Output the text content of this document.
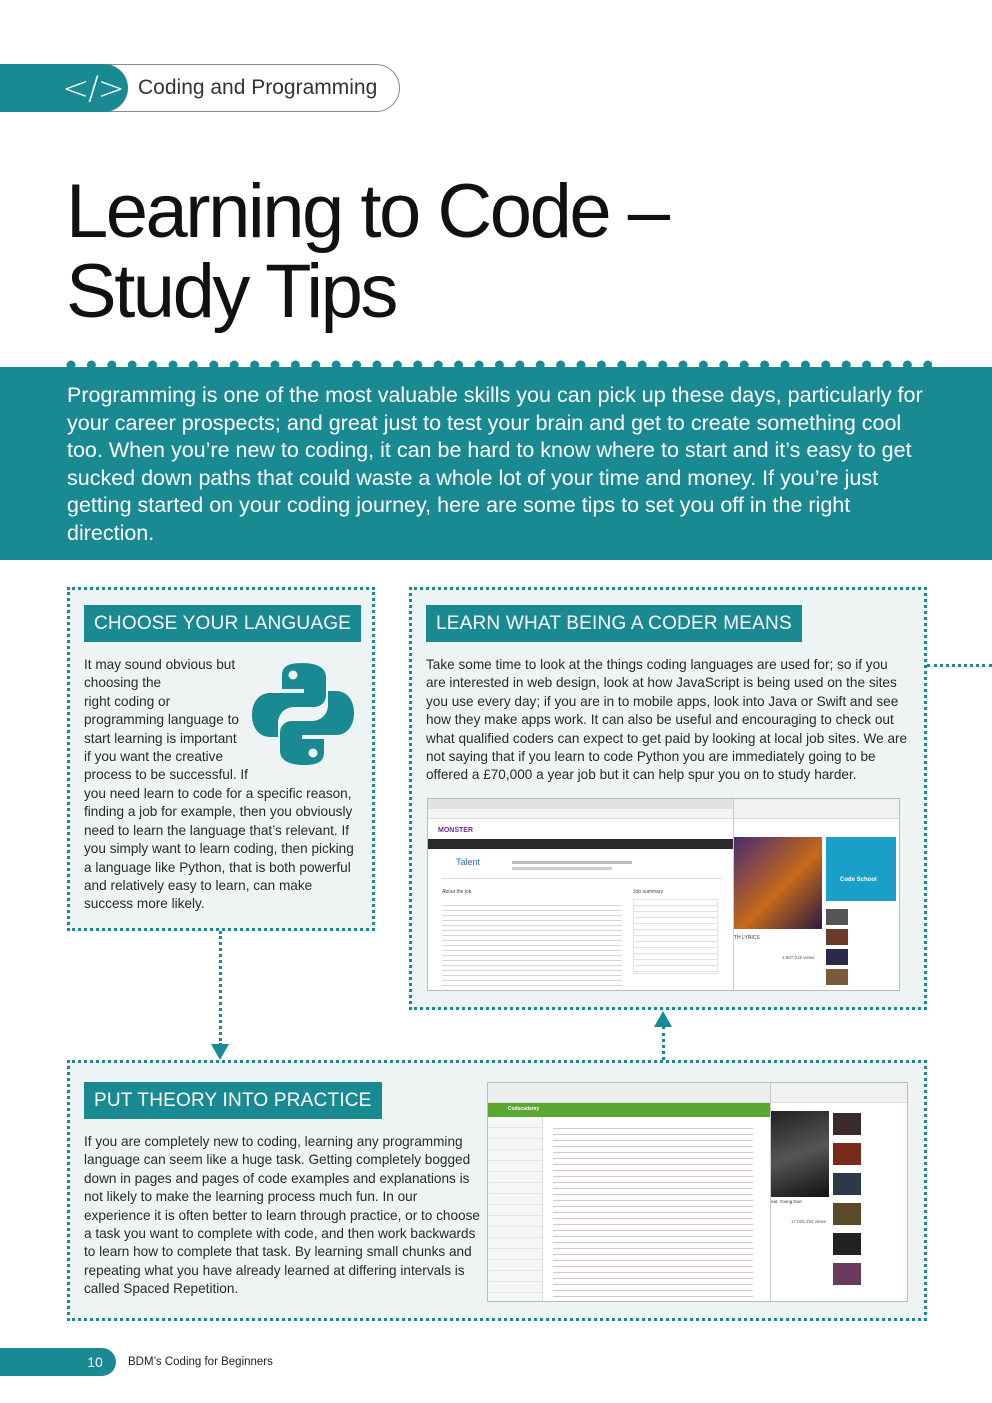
</> Coding and Programming
Learning to Code –
Study Tips
Programming is one of the most valuable skills you can pick up these days, particularly for your career prospects; and great just to test your brain and get to create something cool too. When you’re new to coding, it can be hard to know where to start and it’s easy to get sucked down paths that could waste a whole lot of your time and money. If you’re just getting started on your coding journey, here are some tips to set you off in the right direction.
CHOOSE YOUR LANGUAGE
It may sound obvious but
choosing the
right coding or
programming language to
start learning is important
if you want the creative
process to be successful. If
you need learn to code for a specific reason, finding a job for example, then you obviously need to learn the language that’s relevant. If you simply want to learn coding, then picking a language like Python, that is both powerful and relatively easy to learn, can make success more likely.
LEARN WHAT BEING A CODER MEANS
Take some time to look at the things coding languages are used for; so if you are interested in web design, look at how JavaScript is being used on the sites you use every day; if you are in to mobile apps, look into Java or Swift and see how they make apps work. It can also be useful and encouraging to check out what qualified coders can expect to get paid by looking at local job sites. We are not saying that if you learn to code Python you are immediately going to be offered a £70,000 a year job but it can help spur you on to study harder.
MONSTER
Talent
About the job	Job summary
TH LYRICS
1,697,019 views
Code School
PUT THEORY INTO PRACTICE
If you are completely new to coding, learning any programming language can seem like a huge task. Getting completely bogged down in pages and pages of code examples and explanations is not likely to make the learning process much fun. In our experience it is often better to learn through practice, or to choose a task you want to complete with code, and then work backwards to learn how to complete that task. By learning small chunks and repeating what you have already learned at differing intervals is called Spaced Repetition.
Codecademy
eat. Young Doe
17,025,254 views
10	BDM’s Coding for Beginners
